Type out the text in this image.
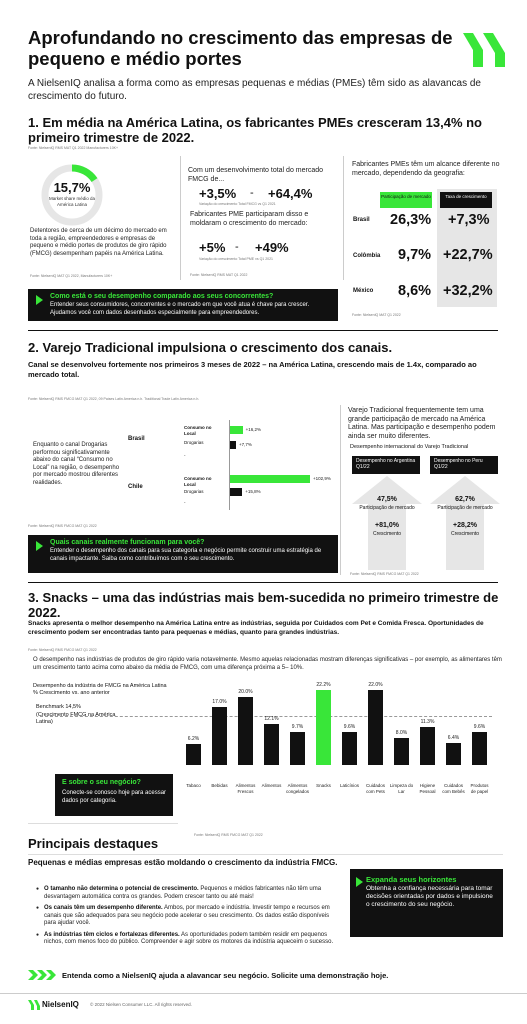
Aprofundando no crescimento das empresas de pequeno e médio portes
A NielsenIQ analisa a forma como as empresas pequenas e médias (PMEs) têm sido as alavancas de crescimento do futuro.
1. Em média na América Latina, os fabricantes PMEs cresceram 13,4% no primeiro trimestre de 2022.
Fonte: NielsenIQ RMS MAT Q1 2022 Manufacturers 10K+
15,7%
Market share médio da América Latina
Detentores de cerca de um décimo do mercado em toda a região, empreendedores e empresas de pequeno e médio portes de produtos de giro rápido (FMCG) desempenham papéis na América Latina.
Fonte: NielsenIQ MAT Q1 2022, Manufacturers 10K+
Com um desenvolvimento total do mercado FMCG de...
+3,5% - +64,4%
Variação do crescimento Total FMCG vs Q1 2021
Fabricantes PME participaram disso e moldaram o crescimento do mercado:
+5% - +49%
Variação do crescimento Total PME vs Q1 2021
Fonte: NielsenIQ RMS MAT Q1 2022
Fabricantes PMEs têm um alcance diferente no mercado, dependendo da geografia:
Participação de mercado	Taxa de crescimento
Brasil 26,3% +7,3%
Colômbia 9,7% +22,7%
México 8,6% +32,2%
Fonte: NielsenIQ MAT Q1 2022
Como está o seu desempenho comparado aos seus concorrentes?
Entender seus consumidores, concorrentes e o mercado em que você atua é chave para crescer. Ajudamos você com dados desenhados especialmente para empreendedores.
2. Varejo Tradicional impulsiona o crescimento dos canais.
Canal se desenvolveu fortemente nos primeiros 3 meses de 2022 – na América Latina, crescendo mais de 1.4x, comparado ao mercado total.
Fonte: NielsenIQ RMS FMCG MAT Q1 2022, 09 Países Latin America n.h. Traditional Trade Latin America n.h.
Enquanto o canal Drogarias performou significativamente abaixo do canal “Consumo no Local” na região, o desempenho por mercado mostrou diferentes realidades.
Brasil
Consumo no Local
Drogarias
-
Chile
Consumo no Local
Drogarias
-
+16,2%
+7,7%
+102,9%
+15,8%
Fonte: NielsenIQ RMS FMCG MAT Q1 2022
Varejo Tradicional frequentemente tem uma grande participação de mercado na América Latina. Mas participação e desempenho podem ainda ser muito diferentes.
Desempenho internacional do Varejo Tradicional
Desempenho no Argentina Q1/22
Desempenho no Peru Q1/22
47,5%
Participação de mercado
+81,0%
Crescimento
62,7%
Participação de mercado
+28,2%
Crescimento
Fonte: NielsenIQ RMS FMCG MAT Q1 2022
Quais canais realmente funcionam para você?
Entender o desempenho dos canais para sua categoria e negócio permite construir uma estratégia de canais impactante. Saiba como contribuímos com o seu crescimento.
3. Snacks – uma das indústrias mais bem-sucedida no primeiro trimestre de 2022.
Snacks apresenta o melhor desempenho na América Latina entre as indústrias, seguida por Cuidados com Pet e Comida Fresca. Oportunidades de crescimento podem ser encontradas tanto para pequenas e médias, quanto para grandes indústrias.
Fonte: NielsenIQ RMS FMCG MAT Q1 2022
O desempenho nas indústrias de produtos de giro rápido varia notavelmente. Mesmo aquelas relacionadas mostram diferenças significativas – por exemplo, as alimentares têm um crescimento tanto acima como abaixo da média de FMCG, com uma diferença próxima a 5– 10%.
Desempenho da indústria de FMCG na América Latina
% Crescimento vs. ano anterior
Benchmark 14,5%
(Crescimento FMCG na América Latina)
6.2%
Tabaco
17.0%
Bebidas
20.0%
Alimentos Frescos
12.1%
Alimentos
9.7%
Alimentos congelados
22.2%
Snacks
9.6%
Laticínios
22.0%
Cuidados com Pets
8.0%
Limpeza do Lar
11.3%
Higiene Pessoal
6.4%
Cuidados com Bebês
9.6%
Produtos de papel
E sobre o seu negócio?
Conecte-se conosco hoje para acessar dados por categoria.
Fonte: NielsenIQ RMS FMCG MAT Q1 2022
Principais destaques
Pequenas e médias empresas estão moldando o crescimento da indústria FMCG.
● O tamanho não determina o potencial de crescimento. Pequenos e médios fabricantes não têm uma desvantagem automática contra os grandes. Podem crescer tanto ou até mais!
● Os canais têm um desempenho diferente. Ambos, por mercado e indústria. Investir tempo e recursos em canais que são adequados para seu negócio pode acelerar o seu crescimento. Os dados estão disponíveis para ajudar você.
● As indústrias têm ciclos e fortalezas diferentes. As oportunidades podem também residir em pequenos nichos, com menos foco do público. Compreender e agir sobre os motores da indústria aqueceim o sucesso.
Expanda seus horizontes
Obtenha a confiança necessária para tomar decisões orientadas por dados e impulsione o crescimento do seu negócio.
Entenda como a NielsenIQ ajuda a alavancar seu negócio. Solicite uma demonstração hoje.
NielsenIQ © 2022 Nielsen Consumer LLC. All rights reserved.
